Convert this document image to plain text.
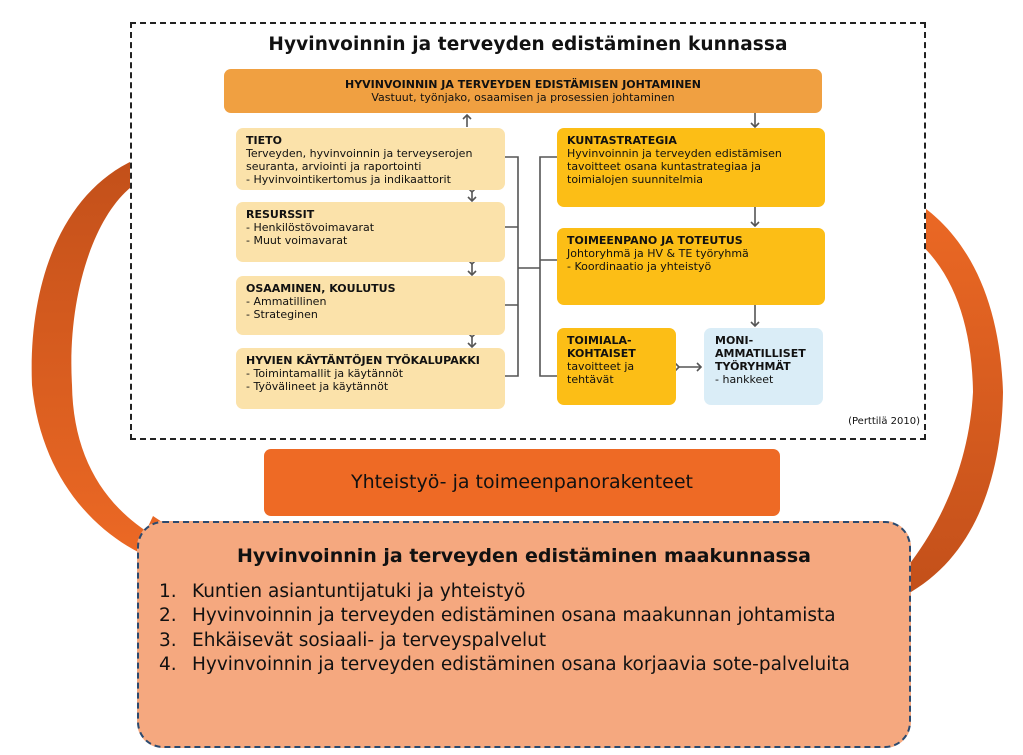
Hyvinvoinnin ja terveyden edistäminen kunnassa
HYVINVOINNIN JA TERVEYDEN EDISTÄMISEN JOHTAMINEN
Vastuut, työnjako, osaamisen ja prosessien johtaminen
TIETO
Terveyden, hyvinvoinnin ja terveyserojen
seuranta, arviointi ja raportointi
- Hyvinvointikertomus ja indikaattorit
RESURSSIT
- Henkilöstövoimavarat
- Muut voimavarat
OSAAMINEN, KOULUTUS
- Ammatillinen
- Strateginen
HYVIEN KÄYTÄNTÖJEN TYÖKALUPAKKI
- Toimintamallit ja käytännöt
- Työvälineet ja käytännöt
KUNTASTRATEGIA
Hyvinvoinnin ja terveyden edistämisen
tavoitteet osana kuntastrategiaa ja
toimialojen suunnitelmia
TOIMEENPANO JA TOTEUTUS
Johtoryhmä ja HV & TE työryhmä
- Koordinaatio ja yhteistyö
TOIMIALA-
KOHTAISET
tavoitteet ja
tehtävät
MONI-
AMMATILLISET
TYÖRYHMÄT
- hankkeet
(Perttilä 2010)
Yhteistyö- ja toimeenpanorakenteet
Hyvinvoinnin ja terveyden edistäminen maakunnassa
1. Kuntien asiantuntijatuki ja yhteistyö
2. Hyvinvoinnin ja terveyden edistäminen osana maakunnan johtamista
3. Ehkäisevät sosiaali- ja terveyspalvelut
4. Hyvinvoinnin ja terveyden edistäminen osana korjaavia sote-palveluita
